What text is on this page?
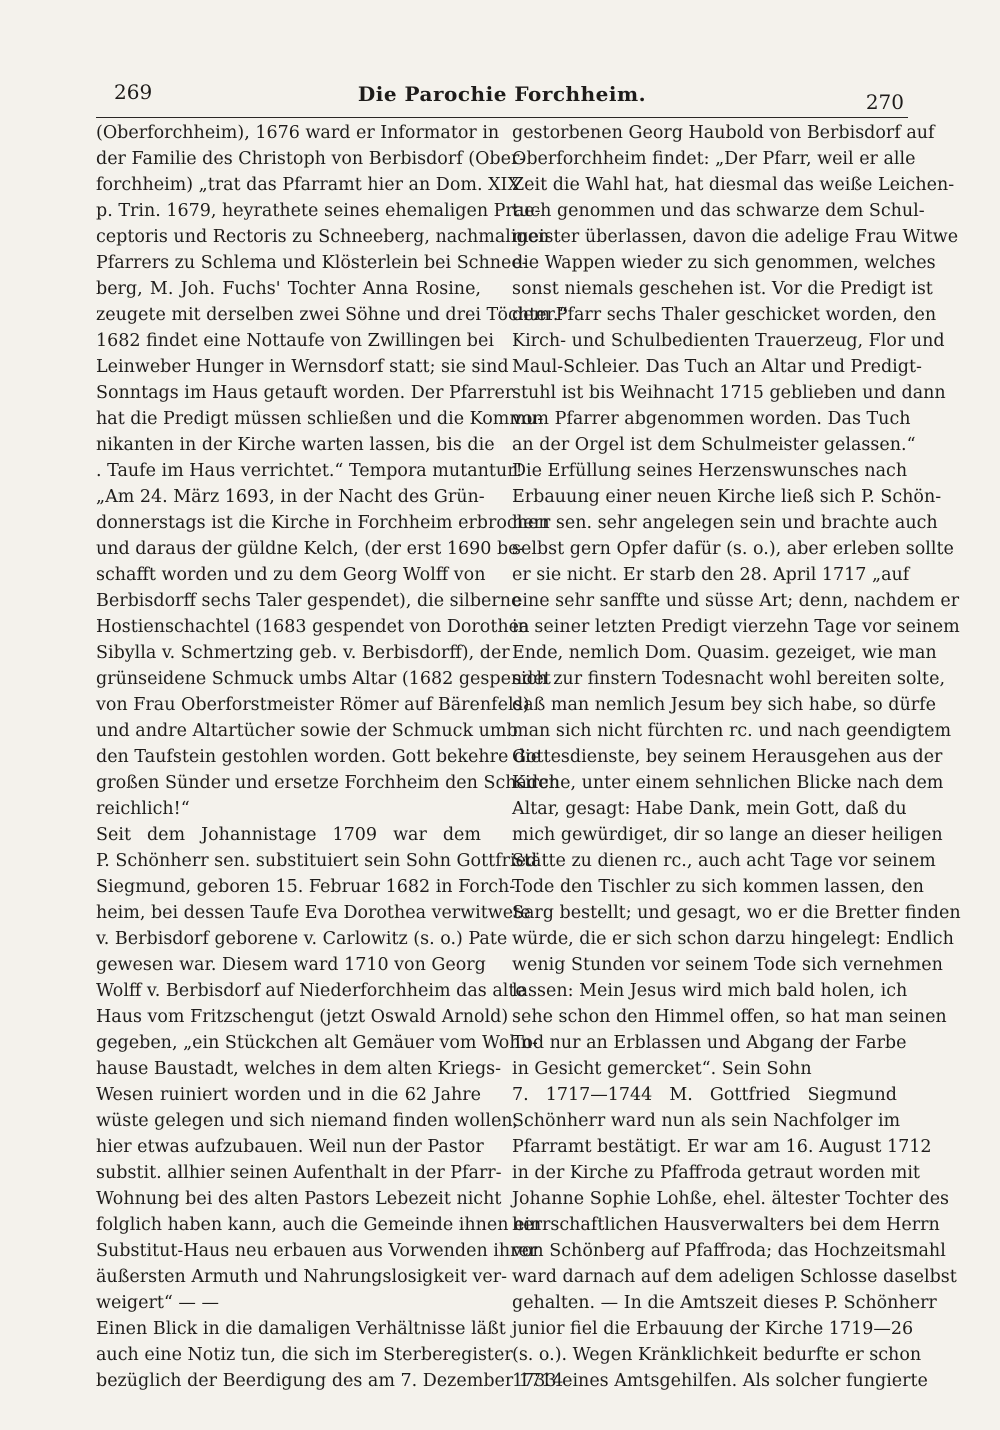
269	Die Parochie Forchheim.	270
(Oberforchheim), 1676 ward er Informator in
der Familie des Christoph von Berbisdorf (Ober-
forchheim) „trat das Pfarramt hier an Dom. XIX
p. Trin. 1679, heyrathete seines ehemaligen Prae-
ceptoris und Rectoris zu Schneeberg, nachmaligen
Pfarrers zu Schlema und Klösterlein bei Schnee-
berg, M. Joh. Fuchs' Tochter Anna Rosine,
zeugete mit derselben zwei Söhne und drei Töchter.“
1682 findet eine Nottaufe von Zwillingen bei
Leinweber Hunger in Wernsdorf statt; sie sind
Sonntags im Haus getauft worden. Der Pfarrer
hat die Predigt müssen schließen und die Kommu-
nikanten in der Kirche warten lassen, bis die
. Taufe im Haus verrichtet.“ Tempora mutantur!
„Am 24. März 1693, in der Nacht des Grün-
donnerstags ist die Kirche in Forchheim erbrochen
und daraus der güldne Kelch, (der erst 1690 be-
schafft worden und zu dem Georg Wolff von
Berbisdorff sechs Taler gespendet), die silberne
Hostienschachtel (1683 gespendet von Dorothea
Sibylla v. Schmertzing geb. v. Berbisdorff), der
grünseidene Schmuck umbs Altar (1682 gespendet
von Frau Oberforstmeister Römer auf Bärenfels)
und andre Altartücher sowie der Schmuck umb
den Taufstein gestohlen worden. Gott bekehre die
großen Sünder und ersetze Forchheim den Schaden
reichlich!“
Seit dem Johannistage 1709 war dem
P. Schönherr sen. substituiert sein Sohn Gottfried
Siegmund, geboren 15. Februar 1682 in Forch-
heim, bei dessen Taufe Eva Dorothea verwitwete
v. Berbisdorf geborene v. Carlowitz (s. o.) Pate
gewesen war. Diesem ward 1710 von Georg
Wolff v. Berbisdorf auf Niederforchheim das alte
Haus vom Fritzschengut (jetzt Oswald Arnold)
gegeben, „ein Stückchen alt Gemäuer vom Wohn-
hause Baustadt, welches in dem alten Kriegs-
Wesen ruiniert worden und in die 62 Jahre
wüste gelegen und sich niemand finden wollen,
hier etwas aufzubauen. Weil nun der Pastor
substit. allhier seinen Aufenthalt in der Pfarr-
Wohnung bei des alten Pastors Lebezeit nicht
folglich haben kann, auch die Gemeinde ihnen ein
Substitut-Haus neu erbauen aus Vorwenden ihrer
äußersten Armuth und Nahrungslosigkeit ver-
weigert“ — —
Einen Blick in die damaligen Verhältnisse läßt
auch eine Notiz tun, die sich im Sterberegister
bezüglich der Beerdigung des am 7. Dezember 1714
gestorbenen Georg Haubold von Berbisdorf auf
Oberforchheim findet: „Der Pfarr, weil er alle
Zeit die Wahl hat, hat diesmal das weiße Leichen-
tuch genommen und das schwarze dem Schul-
meister überlassen, davon die adelige Frau Witwe
die Wappen wieder zu sich genommen, welches
sonst niemals geschehen ist. Vor die Predigt ist
dem Pfarr sechs Thaler geschicket worden, den
Kirch- und Schulbedienten Trauerzeug, Flor und
Maul-Schleier. Das Tuch an Altar und Predigt-
stuhl ist bis Weihnacht 1715 geblieben und dann
vom Pfarrer abgenommen worden. Das Tuch
an der Orgel ist dem Schulmeister gelassen.“
Die Erfüllung seines Herzenswunsches nach
Erbauung einer neuen Kirche ließ sich P. Schön-
herr sen. sehr angelegen sein und brachte auch
selbst gern Opfer dafür (s. o.), aber erleben sollte
er sie nicht. Er starb den 28. April 1717 „auf
eine sehr sanffte und süsse Art; denn, nachdem er
in seiner letzten Predigt vierzehn Tage vor seinem
Ende, nemlich Dom. Quasim. gezeiget, wie man
sich zur finstern Todesnacht wohl bereiten solte,
daß man nemlich Jesum bey sich habe, so dürfe
man sich nicht fürchten rc. und nach geendigtem
Gottesdienste, bey seinem Herausgehen aus der
Kirche, unter einem sehnlichen Blicke nach dem
Altar, gesagt: Habe Dank, mein Gott, daß du
mich gewürdiget, dir so lange an dieser heiligen
Stätte zu dienen rc., auch acht Tage vor seinem
Tode den Tischler zu sich kommen lassen, den
Sarg bestellt; und gesagt, wo er die Bretter finden
würde, die er sich schon darzu hingelegt: Endlich
wenig Stunden vor seinem Tode sich vernehmen
lassen: Mein Jesus wird mich bald holen, ich
sehe schon den Himmel offen, so hat man seinen
Tod nur an Erblassen und Abgang der Farbe
in Gesicht gemercket“. Sein Sohn
7. 1717—1744 M. Gottfried Siegmund
Schönherr ward nun als sein Nachfolger im
Pfarramt bestätigt. Er war am 16. August 1712
in der Kirche zu Pfaffroda getraut worden mit
Johanne Sophie Lohße, ehel. ältester Tochter des
herrschaftlichen Hausverwalters bei dem Herrn
von Schönberg auf Pfaffroda; das Hochzeitsmahl
ward darnach auf dem adeligen Schlosse daselbst
gehalten. — In die Amtszeit dieses P. Schönherr
junior fiel die Erbauung der Kirche 1719—26
(s. o.). Wegen Kränklichkeit bedurfte er schon
1733 eines Amtsgehilfen. Als solcher fungierte
